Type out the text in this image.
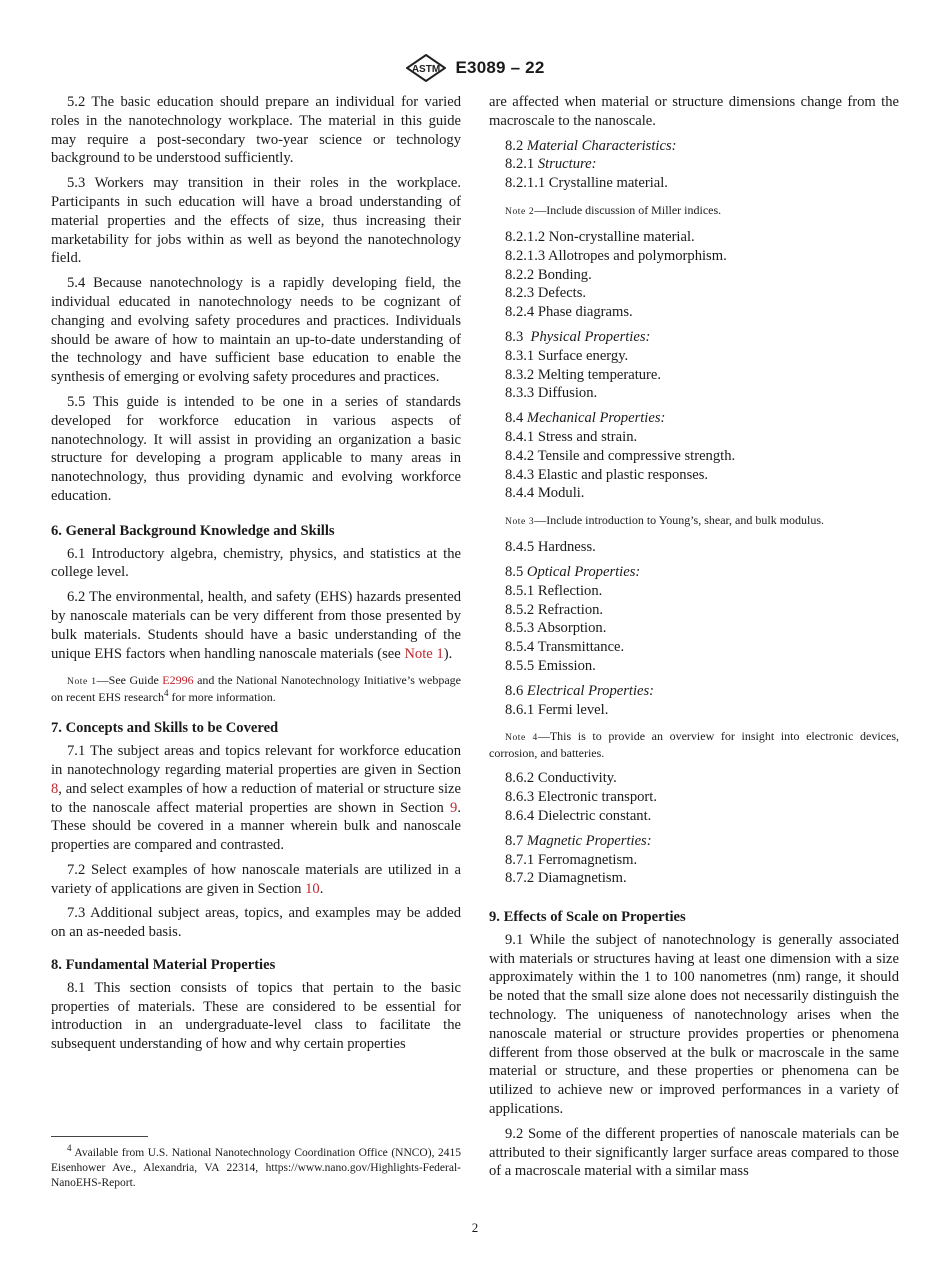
ASTM E3089 – 22

5.2 The basic education should prepare an individual for varied roles in the nanotechnology workplace. The material in this guide may require a post-secondary two-year science or technology background to be understood sufficiently.

5.3 Workers may transition in their roles in the workplace. Participants in such education will have a broad understanding of material properties and the effects of size, thus increasing their marketability for jobs within as well as beyond the nanotechnology field.

5.4 Because nanotechnology is a rapidly developing field, the individual educated in nanotechnology needs to be cognizant of changing and evolving safety procedures and practices. Individuals should be aware of how to maintain an up-to-date understanding of the technology and have sufficient base education to enable the synthesis of emerging or evolving safety procedures and practices.

5.5 This guide is intended to be one in a series of standards developed for workforce education in various aspects of nanotechnology. It will assist in providing an organization a basic structure for developing a program applicable to many areas in nanotechnology, thus providing dynamic and evolving workforce education.

6. General Background Knowledge and Skills

6.1 Introductory algebra, chemistry, physics, and statistics at the college level.

6.2 The environmental, health, and safety (EHS) hazards presented by nanoscale materials can be very different from those presented by bulk materials. Students should have a basic understanding of the unique EHS factors when handling nanoscale materials (see Note 1).

Note 1—See Guide E2996 and the National Nanotechnology Initiative’s webpage on recent EHS research$^4$ for more information.

7. Concepts and Skills to be Covered

7.1 The subject areas and topics relevant for workforce education in nanotechnology regarding material properties are given in Section 8, and select examples of how a reduction of material or structure size to the nanoscale affect material properties are shown in Section 9. These should be covered in a manner wherein bulk and nanoscale properties are compared and contrasted.

7.2 Select examples of how nanoscale materials are utilized in a variety of applications are given in Section 10.

7.3 Additional subject areas, topics, and examples may be added on an as-needed basis.

8. Fundamental Material Properties

8.1 This section consists of topics that pertain to the basic properties of materials. These are considered to be essential for introduction in an undergraduate-level class to facilitate the subsequent understanding of how and why certain properties

are affected when material or structure dimensions change from the macroscale to the nanoscale.

8.2 Material Characteristics:
8.2.1 Structure:
8.2.1.1 Crystalline material.

Note 2—Include discussion of Miller indices.

8.2.1.2 Non-crystalline material.
8.2.1.3 Allotropes and polymorphism.
8.2.2 Bonding.
8.2.3 Defects.
8.2.4 Phase diagrams.
8.3 Physical Properties:
8.3.1 Surface energy.
8.3.2 Melting temperature.
8.3.3 Diffusion.
8.4 Mechanical Properties:
8.4.1 Stress and strain.
8.4.2 Tensile and compressive strength.
8.4.3 Elastic and plastic responses.
8.4.4 Moduli.

Note 3—Include introduction to Young’s, shear, and bulk modulus.

8.4.5 Hardness.
8.5 Optical Properties:
8.5.1 Reflection.
8.5.2 Refraction.
8.5.3 Absorption.
8.5.4 Transmittance.
8.5.5 Emission.
8.6 Electrical Properties:
8.6.1 Fermi level.

Note 4—This is to provide an overview for insight into electronic devices, corrosion, and batteries.

8.6.2 Conductivity.
8.6.3 Electronic transport.
8.6.4 Dielectric constant.
8.7 Magnetic Properties:
8.7.1 Ferromagnetism.
8.7.2 Diamagnetism.
9. Effects of Scale on Properties

9.1 While the subject of nanotechnology is generally associated with materials or structures having at least one dimension with a size approximately within the 1 to 100 nanometres (nm) range, it should be noted that the small size alone does not necessarily distinguish the technology. The uniqueness of nanotechnology arises when the nanoscale material or structure provides properties or phenomena different from those observed at the bulk or macroscale in the same material or structure, and these properties or phenomena can be utilized to achieve new or improved performances in a variety of applications.

9.2 Some of the different properties of nanoscale materials can be attributed to their significantly larger surface areas compared to those of a macroscale material with a similar mass

$^4$ Available from U.S. National Nanotechnology Coordination Office (NNCO), 2415 Eisenhower Ave., Alexandria, VA 22314, https://www.nano.gov/Highlights-Federal-NanoEHS-Report.

2
